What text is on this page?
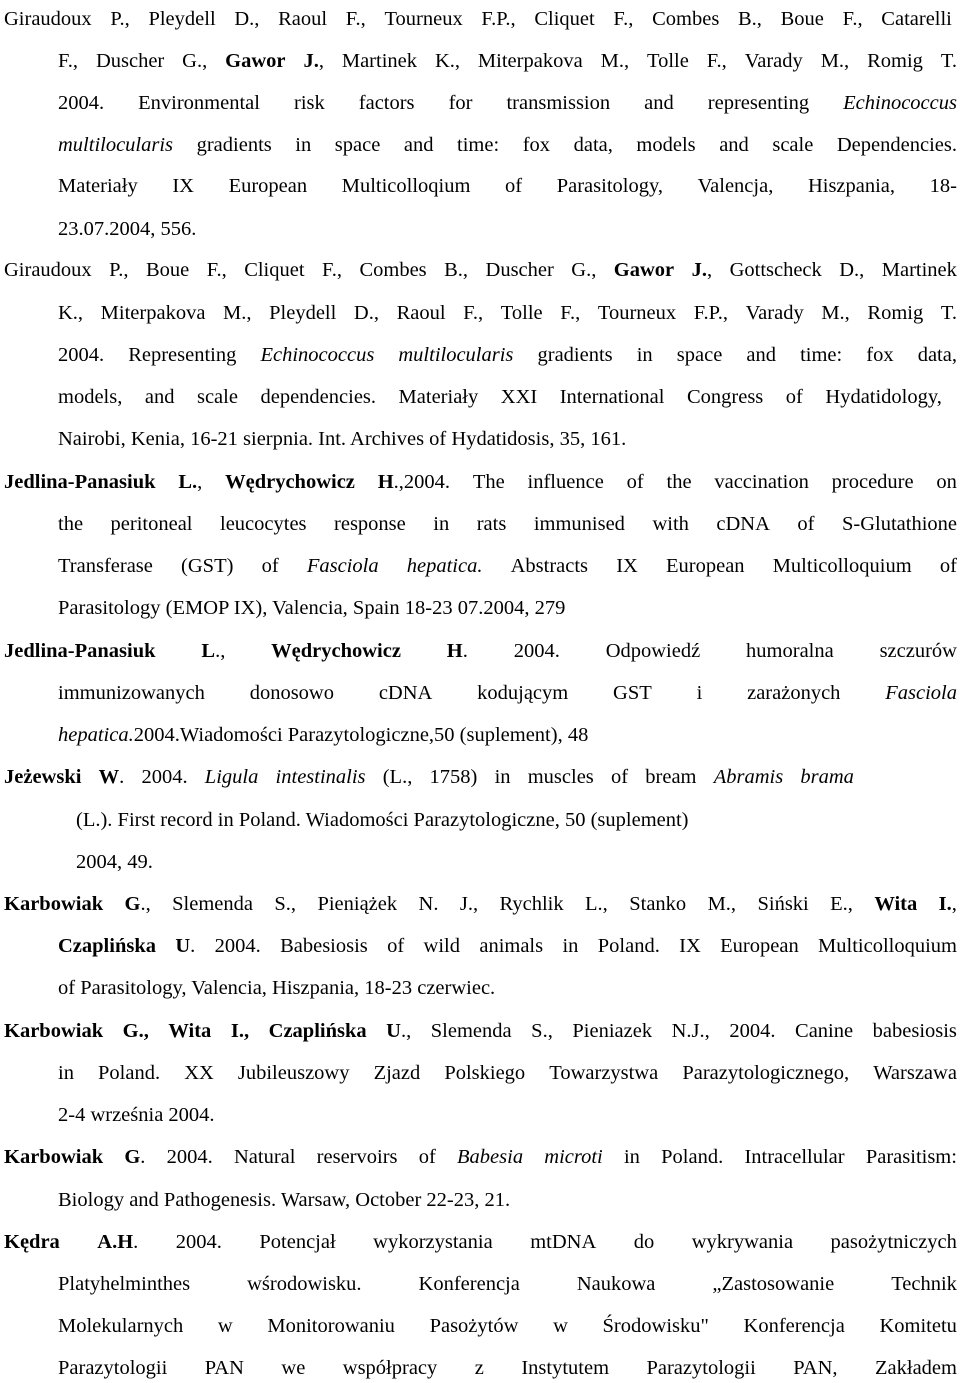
Giraudoux P., Pleydell D., Raoul F., Tourneux F.P., Cliquet F., Combes B., Boue F., Catarelli
F., Duscher G., Gawor J., Martinek K., Miterpakova M., Tolle F., Varady M., Romig T.
2004. Environmental risk factors for transmission and representing Echinococcus
multilocularis gradients in space and time: fox data, models and scale Dependencies.
Materiały IX European Multicolloqium of Parasitology, Valencja, Hiszpania, 18-
23.07.2004, 556.
Giraudoux P., Boue F., Cliquet F., Combes B., Duscher G., Gawor J., Gottscheck D., Martinek
K., Miterpakova M., Pleydell D., Raoul F., Tolle F., Tourneux F.P., Varady M., Romig T.
2004. Representing Echinococcus multilocularis gradients in space and time: fox data,
models, and scale dependencies. Materiały XXI International Congress of Hydatidology,
Nairobi, Kenia, 16-21 sierpnia. Int. Archives of Hydatidosis, 35, 161.
Jedlina-Panasiuk L., Wędrychowicz H.,2004. The influence of the vaccination procedure on
the peritoneal leucocytes response in rats immunised with cDNA of S-Glutathione
Transferase (GST) of Fasciola hepatica. Abstracts IX European Multicolloquium of
Parasitology (EMOP IX), Valencia, Spain 18-23 07.2004, 279
Jedlina-Panasiuk L., Wędrychowicz H. 2004. Odpowiedź humoralna szczurów
immunizowanych donosowo cDNA kodującym GST i zarażonych Fasciola
hepatica.2004.Wiadomości Parazytologiczne,50 (suplement), 48
Jeżewski W. 2004. Ligula intestinalis (L., 1758) in muscles of bream Abramis brama
(L.). First record in Poland. Wiadomości Parazytologiczne, 50 (suplement)
2004, 49.
Karbowiak G., Slemenda S., Pieniążek N. J., Rychlik L., Stanko M., Siński E., Wita I.,
Czaplińska U. 2004. Babesiosis of wild animals in Poland. IX European Multicolloquium
of Parasitology, Valencia, Hiszpania, 18-23 czerwiec.
Karbowiak G., Wita I., Czaplińska U., Slemenda S., Pieniazek N.J., 2004. Canine babesiosis
in Poland. XX Jubileuszowy Zjazd Polskiego Towarzystwa Parazytologicznego, Warszawa
2-4 września 2004.
Karbowiak G. 2004. Natural reservoirs of Babesia microti in Poland. Intracellular Parasitism:
Biology and Pathogenesis. Warsaw, October 22-23, 21.
Kędra A.H. 2004. Potencjał wykorzystania mtDNA do wykrywania pasożytniczych
Platyhelminthes	wśrodowisku.	Konferencja	Naukowa	„Zastosowanie	Technik
Molekularnych w Monitorowaniu Pasożytów w Środowisku" Konferencja Komitetu
Parazytologii PAN we współpracy z Instytutem Parazytologii PAN, Zakładem
